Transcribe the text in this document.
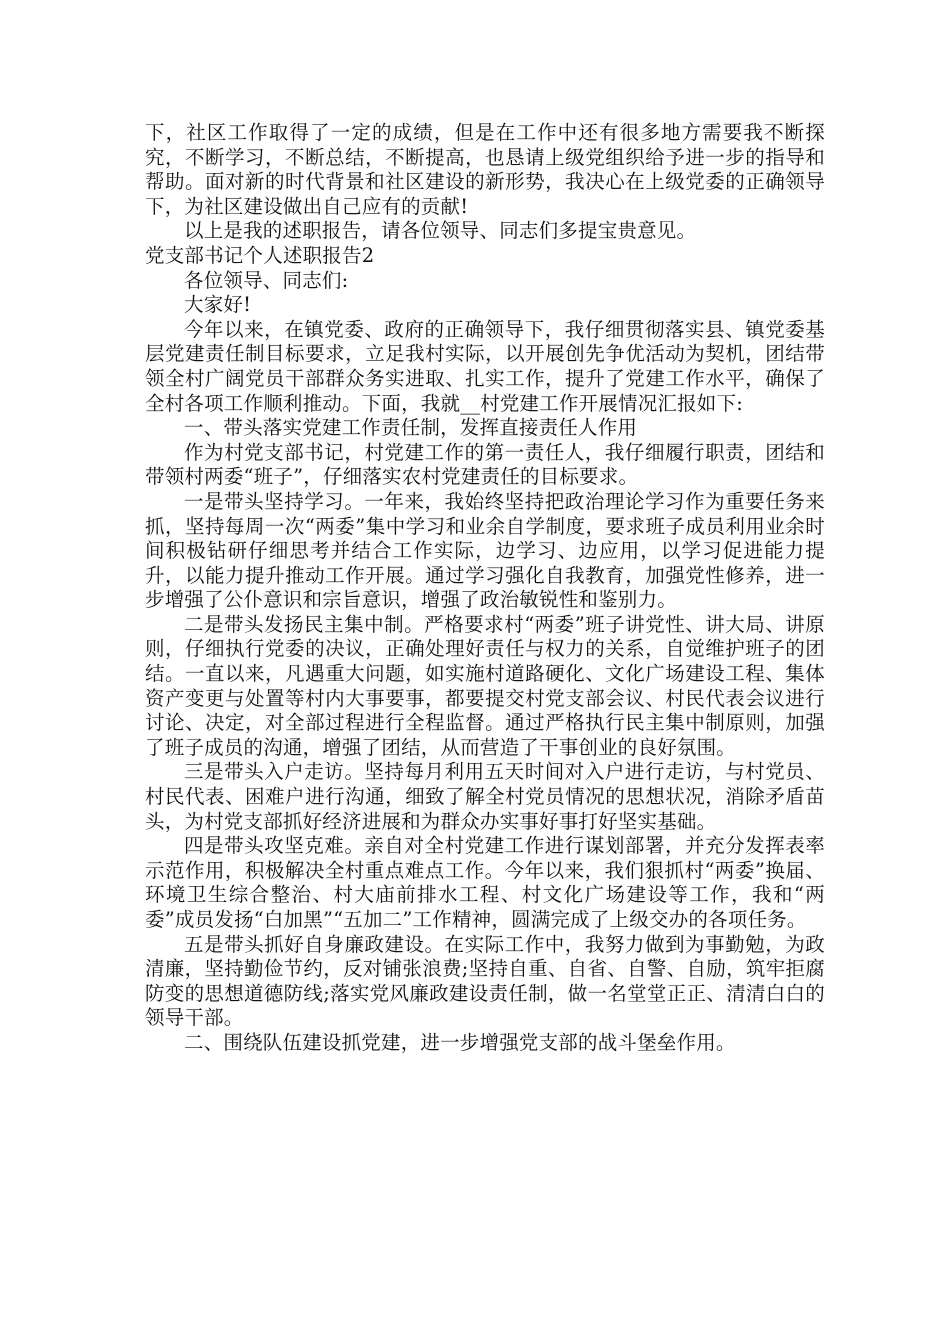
下，社区工作取得了一定的成绩，但是在工作中还有很多地方需要我不断探究，不断学习，不断总结，不断提高，也恳请上级党组织给予进一步的指导和帮助。面对新的时代背景和社区建设的新形势，我决心在上级党委的正确领导下，为社区建设做出自己应有的贡献!

以上是我的述职报告，请各位领导、同志们多提宝贵意见。

党支部书记个人述职报告2

各位领导、同志们:

大家好!

今年以来，在镇党委、政府的正确领导下，我仔细贯彻落实县、镇党委基层党建责任制目标要求，立足我村实际，以开展创先争优活动为契机，团结带领全村广阔党员干部群众务实进取、扎实工作，提升了党建工作水平，确保了全村各项工作顺利推动。下面，我就__村党建工作开展情况汇报如下:

一、带头落实党建工作责任制，发挥直接责任人作用

作为村党支部书记，村党建工作的第一责任人，我仔细履行职责，团结和带领村两委“班子”，仔细落实农村党建责任的目标要求。

一是带头坚持学习。一年来，我始终坚持把政治理论学习作为重要任务来抓，坚持每周一次“两委”集中学习和业余自学制度，要求班子成员利用业余时间积极钻研仔细思考并结合工作实际，边学习、边应用，以学习促进能力提升，以能力提升推动工作开展。通过学习强化自我教育，加强党性修养，进一步增强了公仆意识和宗旨意识，增强了政治敏锐性和鉴别力。

二是带头发扬民主集中制。严格要求村“两委”班子讲党性、讲大局、讲原则，仔细执行党委的决议，正确处理好责任与权力的关系，自觉维护班子的团结。一直以来，凡遇重大问题，如实施村道路硬化、文化广场建设工程、集体资产变更与处置等村内大事要事，都要提交村党支部会议、村民代表会议进行讨论、决定，对全部过程进行全程监督。通过严格执行民主集中制原则，加强了班子成员的沟通，增强了团结，从而营造了干事创业的良好氛围。

三是带头入户走访。坚持每月利用五天时间对入户进行走访，与村党员、村民代表、困难户进行沟通，细致了解全村党员情况的思想状况，消除矛盾苗头，为村党支部抓好经济进展和为群众办实事好事打好坚实基础。

四是带头攻坚克难。亲自对全村党建工作进行谋划部署，并充分发挥表率示范作用，积极解决全村重点难点工作。今年以来，我们狠抓村“两委”换届、环境卫生综合整治、村大庙前排水工程、村文化广场建设等工作，我和“两委”成员发扬“白加黑”“五加二”工作精神，圆满完成了上级交办的各项任务。

五是带头抓好自身廉政建设。在实际工作中，我努力做到为事勤勉，为政清廉，坚持勤俭节约，反对铺张浪费;坚持自重、自省、自警、自励，筑牢拒腐防变的思想道德防线;落实党风廉政建设责任制，做一名堂堂正正、清清白白的领导干部。

二、围绕队伍建设抓党建，进一步增强党支部的战斗堡垒作用。
